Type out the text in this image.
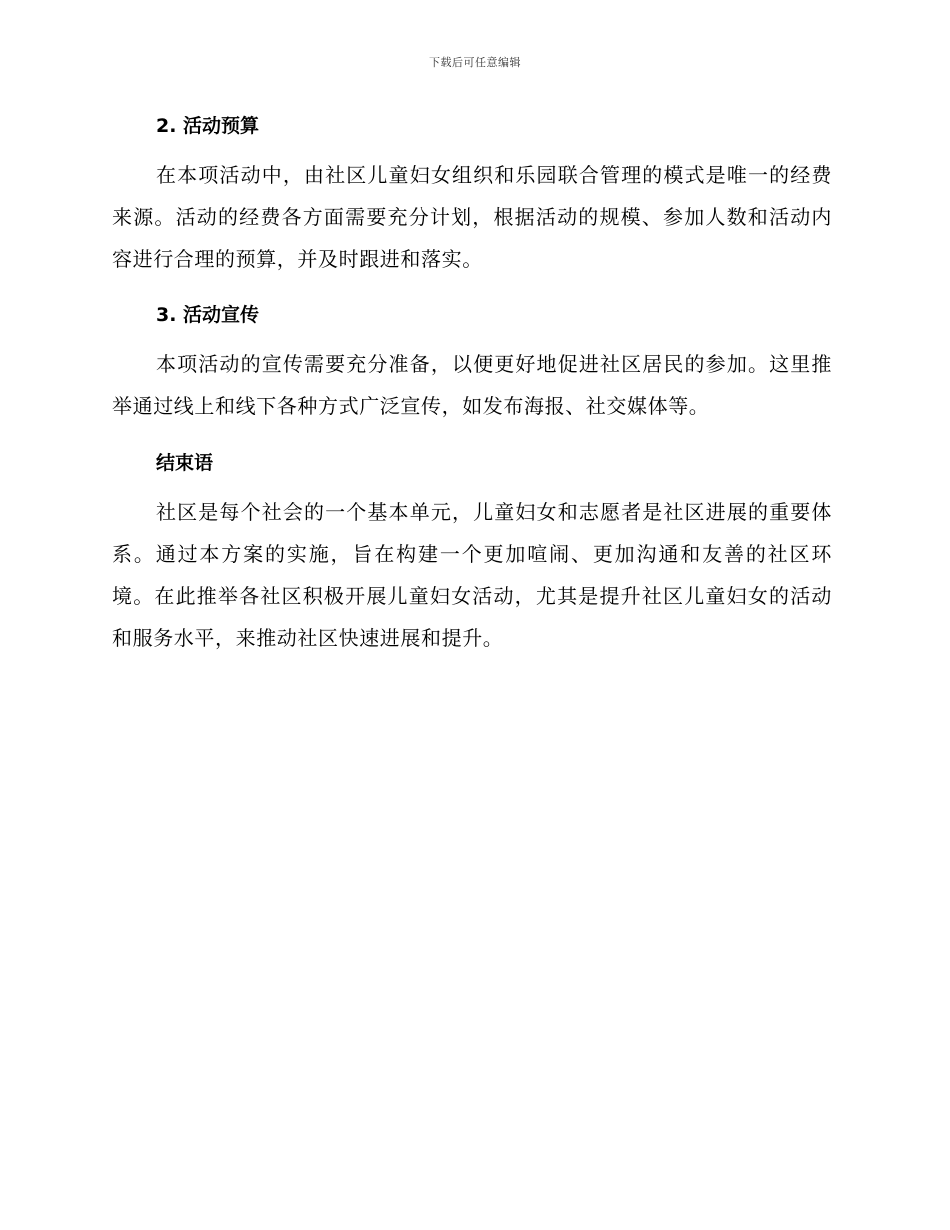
下载后可任意编辑
2. 活动预算

在本项活动中，由社区儿童妇女组织和乐园联合管理的模式是唯一的经费来源。活动的经费各方面需要充分计划，根据活动的规模、参加人数和活动内容进行合理的预算，并及时跟进和落实。

3. 活动宣传

本项活动的宣传需要充分准备，以便更好地促进社区居民的参加。这里推举通过线上和线下各种方式广泛宣传，如发布海报、社交媒体等。

结束语

社区是每个社会的一个基本单元，儿童妇女和志愿者是社区进展的重要体系。通过本方案的实施，旨在构建一个更加喧闹、更加沟通和友善的社区环境。在此推举各社区积极开展儿童妇女活动，尤其是提升社区儿童妇女的活动和服务水平，来推动社区快速进展和提升。
